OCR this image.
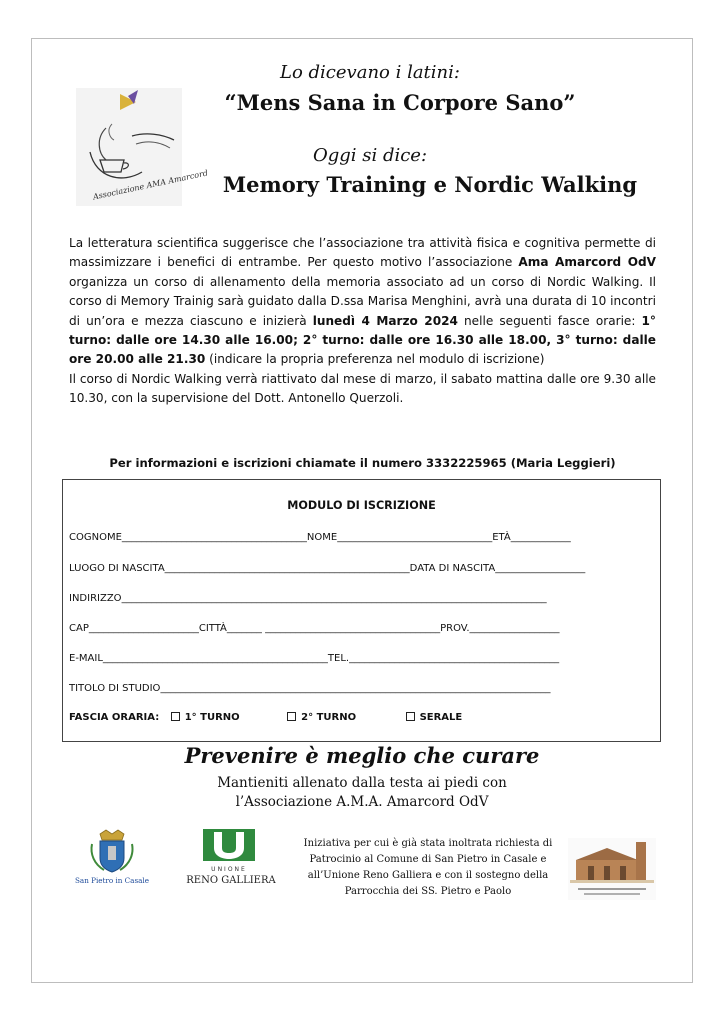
Associazione AMA Amarcord
Lo dicevano i latini:
“Mens Sana in Corpore Sano”
Oggi si dice:
Memory Training e Nordic Walking
La letteratura scientifica suggerisce che l’associazione tra attività fisica e cognitiva permette di massimizzare i benefici di entrambe. Per questo motivo l’associazione Ama Amarcord OdV organizza un corso di allenamento della memoria associato ad un corso di Nordic Walking. Il corso di Memory Trainig sarà guidato dalla D.ssa Marisa Menghini, avrà una durata di 10 incontri di un’ora e mezza ciascuno e inizierà lunedì 4 Marzo 2024 nelle seguenti fasce orarie: 1° turno: dalle ore 14.30 alle 16.00; 2° turno: dalle ore 16.30 alle 18.00, 3° turno: dalle ore 20.00 alle 21.30 (indicare la propria preferenza nel modulo di iscrizione)
Il corso di Nordic Walking verrà riattivato dal mese di marzo, il sabato mattina dalle ore 9.30 alle 10.30, con la supervisione del Dott. Antonello Querzoli.
Per informazioni e iscrizioni chiamate il numero 3332225965 (Maria Leggieri)
MODULO DI ISCRIZIONE
COGNOME_____________________________________NOME_______________________________ETÀ____________
LUOGO DI NASCITA_________________________________________________DATA DI NASCITA__________________
INDIRIZZO_____________________________________________________________________________________
CAP______________________CITTÀ_______ ___________________________________PROV.__________________
E-MAIL_____________________________________________TEL.__________________________________________
TITOLO DI STUDIO______________________________________________________________________________
FASCIA ORARIA:	1° TURNO	2° TURNO	SERALE
Prevenire è meglio che curare
Mantieniti allenato dalla testa ai piedi con
l’Associazione A.M.A. Amarcord OdV
San Pietro in Casale
UNIONE
RENO GALLIERA
Iniziativa per cui è già stata inoltrata richiesta di
Patrocinio al Comune di San Pietro in Casale e
all’Unione Reno Galliera e con il sostegno della
Parrocchia dei SS. Pietro e Paolo
